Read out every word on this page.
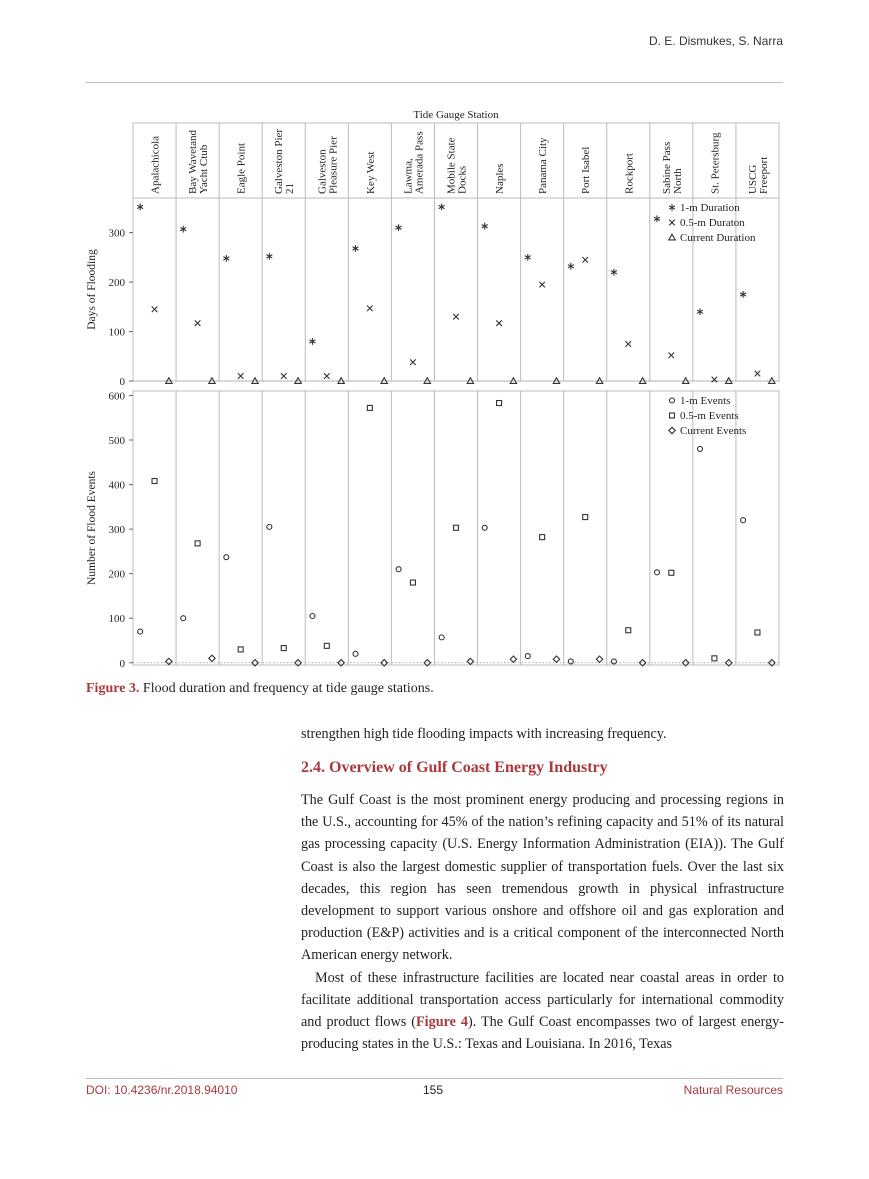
D. E. Dismukes, S. Narra
Tide Gauge Station
Apalachicola Bay Wavetand Yacht Ctub Eagle Point Galveston Pier 21 Galveston Pleasure Pier Key West Lawma, Amerada Pass Mobile State Docks Naples	Panama City	Port Isabel	Rockport Sabine Pass North St. Petersburg USCG Freeport
0
100
200
300
Days of Flooding
1-m Duration
0.5-m Duraton
Current Duration
0
100
200
300
400
500
600
Number of Flood Events
1-m Events
0.5-m Events
Current Events
Figure 3. Flood duration and frequency at tide gauge stations.

strengthen high tide flooding impacts with increasing frequency.

2.4. Overview of Gulf Coast Energy Industry

The Gulf Coast is the most prominent energy producing and processing regions in the U.S., accounting for 45% of the nation’s refining capacity and 51% of its natural gas processing capacity (U.S. Energy Information Administration (EIA)). The Gulf Coast is also the largest domestic supplier of transportation fuels. Over the last six decades, this region has seen tremendous growth in physical infrastructure development to support various onshore and offshore oil and gas exploration and production (E&P) activities and is a critical component of the interconnected North American energy network.

Most of these infrastructure facilities are located near coastal areas in order to facilitate additional transportation access particularly for international commodity and product flows (Figure 4). The Gulf Coast encompasses two of largest energy-producing states in the U.S.: Texas and Louisiana. In 2016, Texas

DOI: 10.4236/nr.2018.94010	155	Natural Resources
